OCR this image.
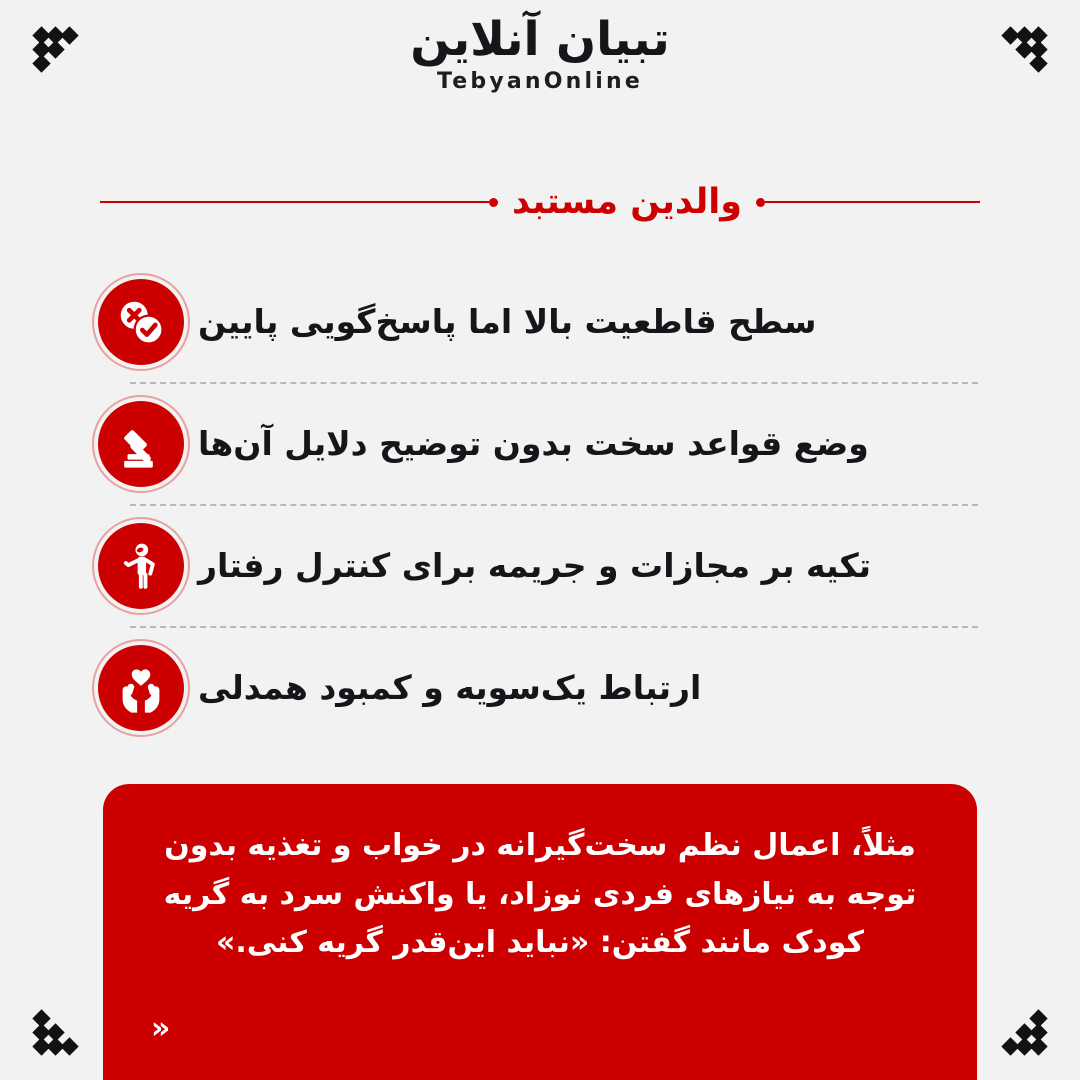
تبیان آنلاین
TebyanOnline
والدین مستبد
سطح قاطعیت بالا اما پاسخ‌گویی پایین
وضع قواعد سخت بدون توضیح دلایل آن‌ها
تکیه بر مجازات و جریمه برای کنترل رفتار
ارتباط یک‌سویه و کمبود همدلی
مثلاً، اعمال نظم سخت‌گیرانه در خواب و تغذیه بدون توجه به نیازهای فردی نوزاد، یا واکنش سرد به گریه کودک مانند گفتن: «نباید این‌قدر گریه کنی.»
»
